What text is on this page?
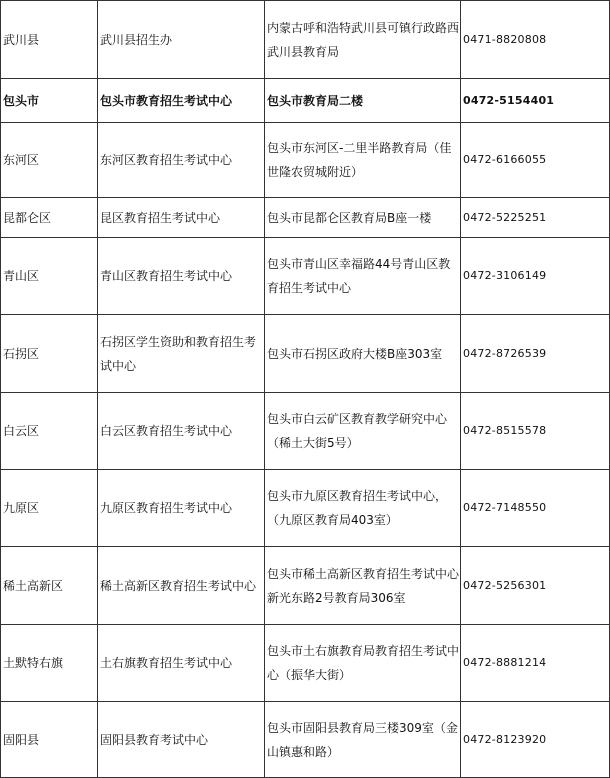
武川县	武川县招生办	内蒙古呼和浩特武川县可镇行政路西武川县教育局	0471-8820808
包头市	包头市教育招生考试中心	包头市教育局二楼	0472-5154401
东河区	东河区教育招生考试中心	包头市东河区-二里半路教育局（佳世隆农贸城附近）	0472-6166055
昆都仑区	昆区教育招生考试中心	包头市昆都仑区教育局B座一楼	0472-5225251
青山区	青山区教育招生考试中心	包头市青山区幸福路44号青山区教育招生考试中心	0472-3106149
石拐区	石拐区学生资助和教育招生考试中心	包头市石拐区政府大楼B座303室	0472-8726539
白云区	白云区教育招生考试中心	包头市白云矿区教育教学研究中心（稀土大街5号）	0472-8515578
九原区	九原区教育招生考试中心	包头市九原区教育招生考试中心，（九原区教育局403室）	0472-7148550
稀土高新区	稀土高新区教育招生考试中心	包头市稀土高新区教育招生考试中心新光东路2号教育局306室	0472-5256301
土默特右旗	土右旗教育招生考试中心	包头市土右旗教育局教育招生考试中心（振华大街）	0472-8881214
固阳县	固阳县教育考试中心	包头市固阳县教育局三楼309室（金山镇惠和路）	0472-8123920
